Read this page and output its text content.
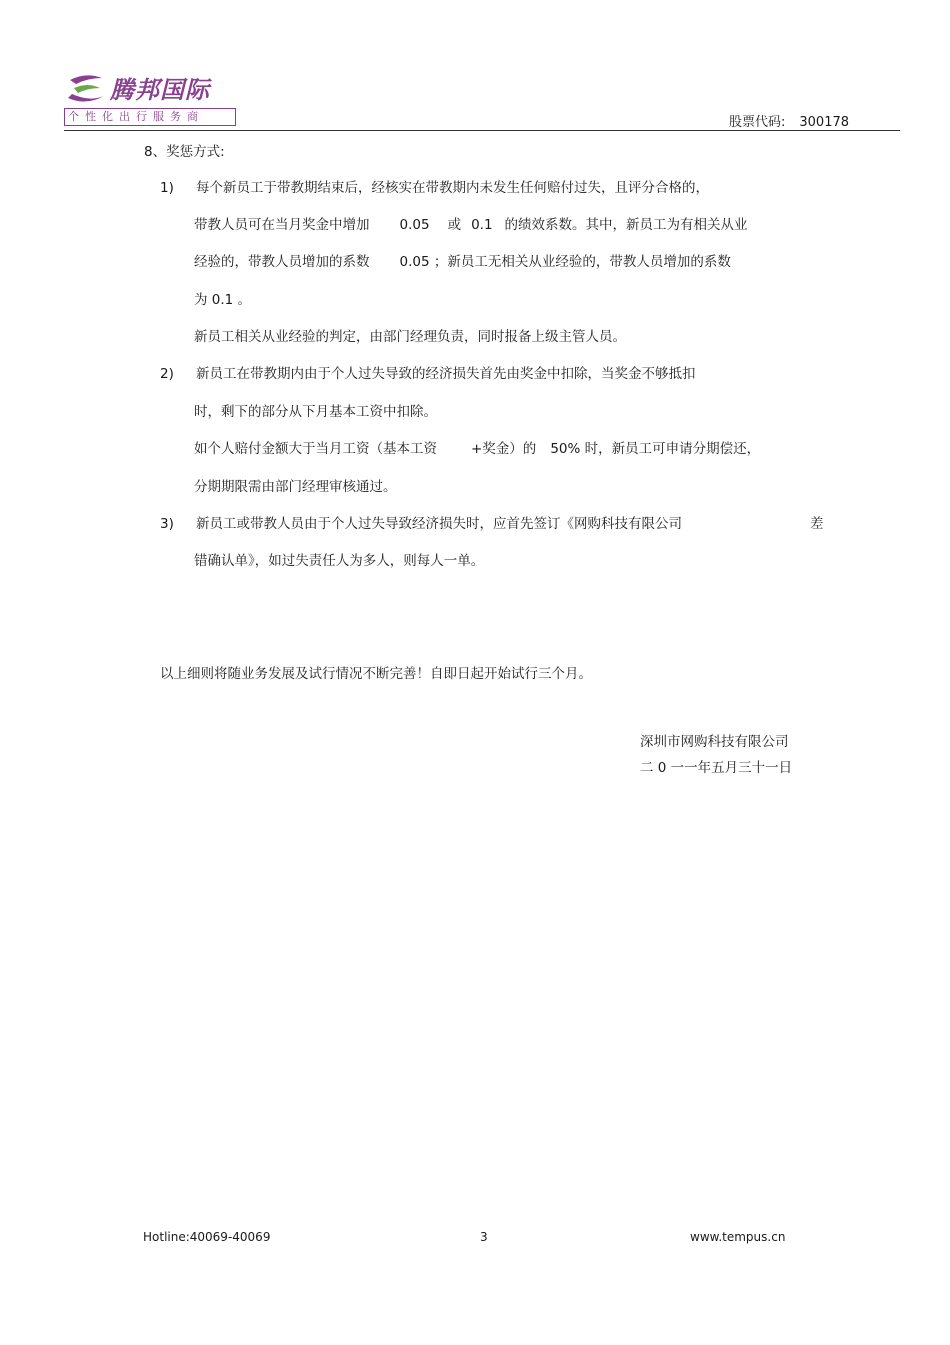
腾邦国际
个性化出行服务商	股票代码: 300178
8、奖惩方式:
1) 每个新员工于带教期结束后，经核实在带教期内未发生任何赔付过失，且评分合格的，
带教人员可在当月奖金中增加 0.05 或 0.1 的绩效系数。其中，新员工为有相关从业
经验的，带教人员增加的系数 0.05 ；新员工无相关从业经验的，带教人员增加的系数
为 0.1 。
新员工相关从业经验的判定，由部门经理负责，同时报备上级主管人员。
2) 新员工在带教期内由于个人过失导致的经济损失首先由奖金中扣除，当奖金不够抵扣
时，剩下的部分从下月基本工资中扣除。
如个人赔付金额大于当月工资（基本工资	+奖金）的 50% 时，新员工可申请分期偿还，
分期期限需由部门经理审核通过。
3) 新员工或带教人员由于个人过失导致经济损失时，应首先签订《网购科技有限公司	差
错确认单》，如过失责任人为多人，则每人一单。
以上细则将随业务发展及试行情况不断完善！自即日起开始试行三个月。
深圳市网购科技有限公司
二 0 一一年五月三十一日
Hotline:40069-40069	3	www.tempus.cn
